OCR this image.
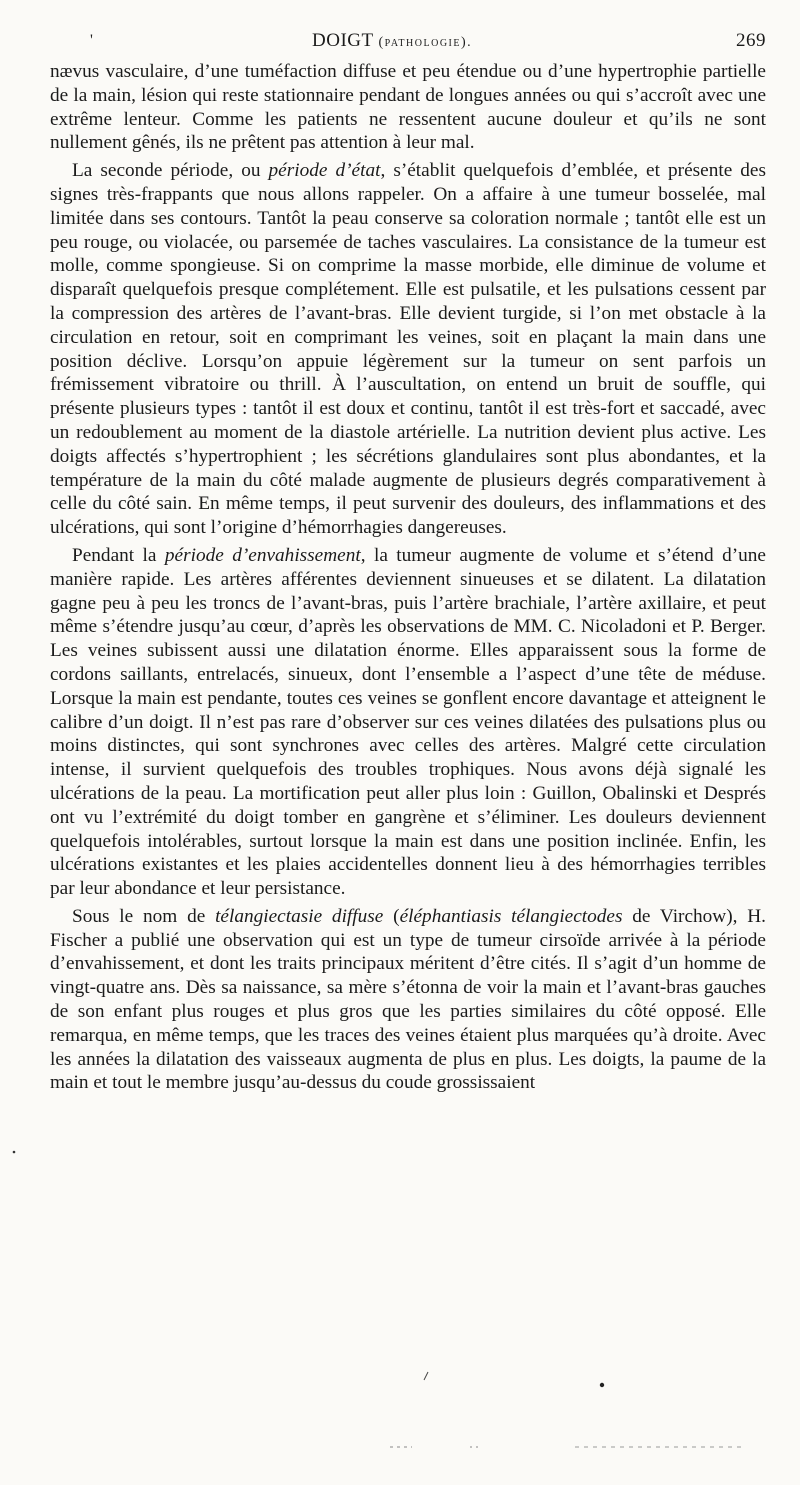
'	DOIGT (pathologie).	269

nævus vasculaire, d’une tuméfaction diffuse et peu étendue ou d’une hypertrophie partielle de la main, lésion qui reste stationnaire pendant de longues années ou qui s’accroît avec une extrême lenteur. Comme les patients ne ressentent aucune douleur et qu’ils ne sont nullement gênés, ils ne prêtent pas attention à leur mal.

La seconde période, ou période d’état, s’établit quelquefois d’emblée, et présente des signes très-frappants que nous allons rappeler. On a affaire à une tumeur bosselée, mal limitée dans ses contours. Tantôt la peau conserve sa coloration normale ; tantôt elle est un peu rouge, ou violacée, ou parsemée de taches vasculaires. La consistance de la tumeur est molle, comme spongieuse. Si on comprime la masse morbide, elle diminue de volume et disparaît quelquefois presque complétement. Elle est pulsatile, et les pulsations cessent par la compression des artères de l’avant-bras. Elle devient turgide, si l’on met obstacle à la circulation en retour, soit en comprimant les veines, soit en plaçant la main dans une position déclive. Lorsqu’on appuie légèrement sur la tumeur on sent parfois un frémissement vibratoire ou thrill. À l’auscultation, on entend un bruit de souffle, qui présente plusieurs types : tantôt il est doux et continu, tantôt il est très-fort et saccadé, avec un redoublement au moment de la diastole artérielle. La nutrition devient plus active. Les doigts affectés s’hypertrophient ; les sécrétions glandulaires sont plus abondantes, et la température de la main du côté malade augmente de plusieurs degrés comparativement à celle du côté sain. En même temps, il peut survenir des douleurs, des inflammations et des ulcérations, qui sont l’origine d’hémorrhagies dangereuses.

Pendant la période d’envahissement, la tumeur augmente de volume et s’étend d’une manière rapide. Les artères afférentes deviennent sinueuses et se dilatent. La dilatation gagne peu à peu les troncs de l’avant-bras, puis l’artère brachiale, l’artère axillaire, et peut même s’étendre jusqu’au cœur, d’après les observations de MM. C. Nicoladoni et P. Berger. Les veines subissent aussi une dilatation énorme. Elles apparaissent sous la forme de cordons saillants, entrelacés, sinueux, dont l’ensemble a l’aspect d’une tête de méduse. Lorsque la main est pendante, toutes ces veines se gonflent encore davantage et atteignent le calibre d’un doigt. Il n’est pas rare d’observer sur ces veines dilatées des pulsations plus ou moins distinctes, qui sont synchrones avec celles des artères. Malgré cette circulation intense, il survient quelquefois des troubles trophiques. Nous avons déjà signalé les ulcérations de la peau. La mortification peut aller plus loin : Guillon, Obalinski et Després ont vu l’extrémité du doigt tomber en gangrène et s’éliminer. Les douleurs deviennent quelquefois intolérables, surtout lorsque la main est dans une position inclinée. Enfin, les ulcérations existantes et les plaies accidentelles donnent lieu à des hémorrhagies terribles par leur abondance et leur persistance.

Sous le nom de télangiectasie diffuse (éléphantiasis télangiectodes de Virchow), H. Fischer a publié une observation qui est un type de tumeur cirsoïde arrivée à la période d’envahissement, et dont les traits principaux méritent d’être cités. Il s’agit d’un homme de vingt-quatre ans. Dès sa naissance, sa mère s’étonna de voir la main et l’avant-bras gauches de son enfant plus rouges et plus gros que les parties similaires du côté opposé. Elle remarqua, en même temps, que les traces des veines étaient plus marquées qu’à droite. Avec les années la dilatation des vaisseaux augmenta de plus en plus. Les doigts, la paume de la main et tout le membre jusqu’au-dessus du coude grossissaient
